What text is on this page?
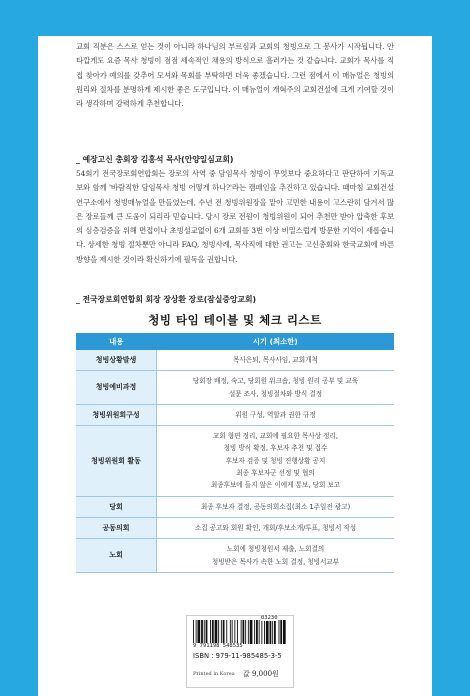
교회 직분은 스스로 얻는 것이 아니라 하나님의 부르심과 교회의 청빙으로 그 봉사가 시작됩니다. 안타깝게도 요즘 목사 청빙이 점점 세속적인 채용의 방식으로 흘러가는 것 같습니다. 교회가 목사를 직접 찾아가 예의를 갖추어 모셔와 목회를 부탁하면 더욱 좋겠습니다. 그런 점에서 이 매뉴얼은 청빙의 원리와 절차를 분명하게 제시한 좋은 도구입니다. 이 매뉴얼이 개혁주의 교회건설에 크게 기여할 것이라 생각하며 강력하게 추천합니다.

_ 예장고신 총회장 김홍석 목사(안양일심교회)

54회기 전국장로회연합회는 장로의 사역 중 담임목사 청빙이 무엇보다 중요하다고 판단하여 기독교보와 함께 '바람직한 담임목사 청빙 어떻게 하나?'라는 캠페인을 추진하고 있습니다. 때마침 교회건설연구소에서 청빙매뉴얼을 만들었는데, 수년 전 청빙위원장을 맡아 고민한 내용이 고스란히 담겨서 많은 장로들께 큰 도움이 되리라 믿습니다. 당시 장로 전원이 청빙위원이 되어 추천만 받아 압축한 후보의 심층검증을 위해 면접이나 초빙설교없이 6개 교회를 3번 이상 비밀스럽게 방문한 기억이 새롭습니다. 상세한 청빙 절차뿐만 아니라 FAQ, 청빙사례, 목사직에 대한 권고는 고신총회와 한국교회에 바른 방향을 제시한 것이라 확신하기에 필독을 권합니다.

_ 전국장로회연합회 회장 장상환 장로(잠실중앙교회)
청빙 타임 테이블 및 체크 리스트
내용	시기 (최소한)
청빙상황발생	목사은퇴, 목사사임, 교회개척

청빙예비과정	당회장 배정, 숙고, 당회원 워크숍, 청빙 원리 공부 및 교육
설문 조사, 청빙절차와 방식 결정

청빙위원회구성	위원 구성, 역할과 권한 규정

청빙위원회 활동	교회 형편 정리, 교회에 필요한 목사상 정리,
청빙 방식 확정, 후보자 추천 및 접수
후보자 검증 및 청빙 진행상황 공지
최종 후보자군 선정 및 협의
최종후보에 들지 않은 이에게 통보, 당회 보고

당회	최종 후보자 결정, 공동의회소집(최소 1주일전 광고)

공동의회	소집 공고와 회원 확인, 개회/후보소개/투표, 청빙서 작성

노회	노회에 청빙청원서 제출, 노회결의
청빙받은 목사가 속한 노회 결정, 청빙서교부
03230
9 791198 548535
ISBN : 979-11-985485-3-5
Printed in Korea 값 9,000원
